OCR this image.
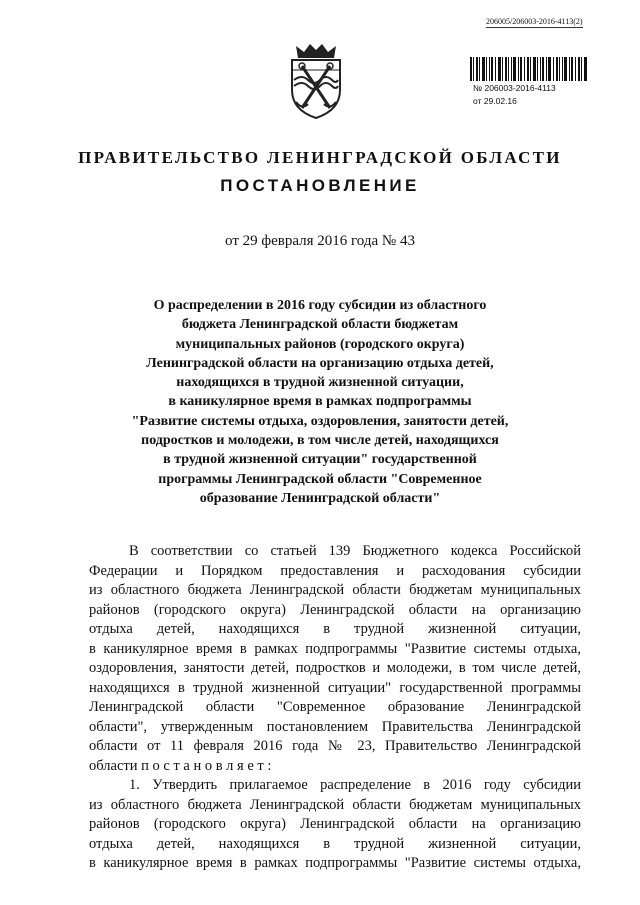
206005/206003-2016-4113(2)
№ 206003-2016-4113
от 29.02.16
ПРАВИТЕЛЬСТВО ЛЕНИНГРАДСКОЙ ОБЛАСТИ
ПОСТАНОВЛЕНИЕ
от 29 февраля 2016 года № 43
О распределении в 2016 году субсидии из областного
бюджета Ленинградской области бюджетам
муниципальных районов (городского округа)
Ленинградской области на организацию отдыха детей,
находящихся в трудной жизненной ситуации,
в каникулярное время в рамках подпрограммы
"Развитие системы отдыха, оздоровления, занятости детей,
подростков и молодежи, в том числе детей, находящихся
в трудной жизненной ситуации" государственной
программы Ленинградской области "Современное
образование Ленинградской области"
В соответствии со статьей 139 Бюджетного кодекса Российской
Федерации и Порядком предоставления и расходования субсидии
из областного бюджета Ленинградской области бюджетам муниципальных
районов (городского округа) Ленинградской области на организацию
отдыха детей, находящихся в трудной жизненной ситуации,
в каникулярное время в рамках подпрограммы "Развитие системы отдыха,
оздоровления, занятости детей, подростков и молодежи, в том числе детей,
находящихся в трудной жизненной ситуации" государственной программы
Ленинградской области "Современное образование Ленинградской
области", утвержденным постановлением Правительства Ленинградской
области от 11 февраля 2016 года № 23, Правительство Ленинградской
области п о с т а н о в л я е т :
1. Утвердить прилагаемое распределение в 2016 году субсидии
из областного бюджета Ленинградской области бюджетам муниципальных
районов (городского округа) Ленинградской области на организацию
отдыха детей, находящихся в трудной жизненной ситуации,
в каникулярное время в рамках подпрограммы "Развитие системы отдыха,
